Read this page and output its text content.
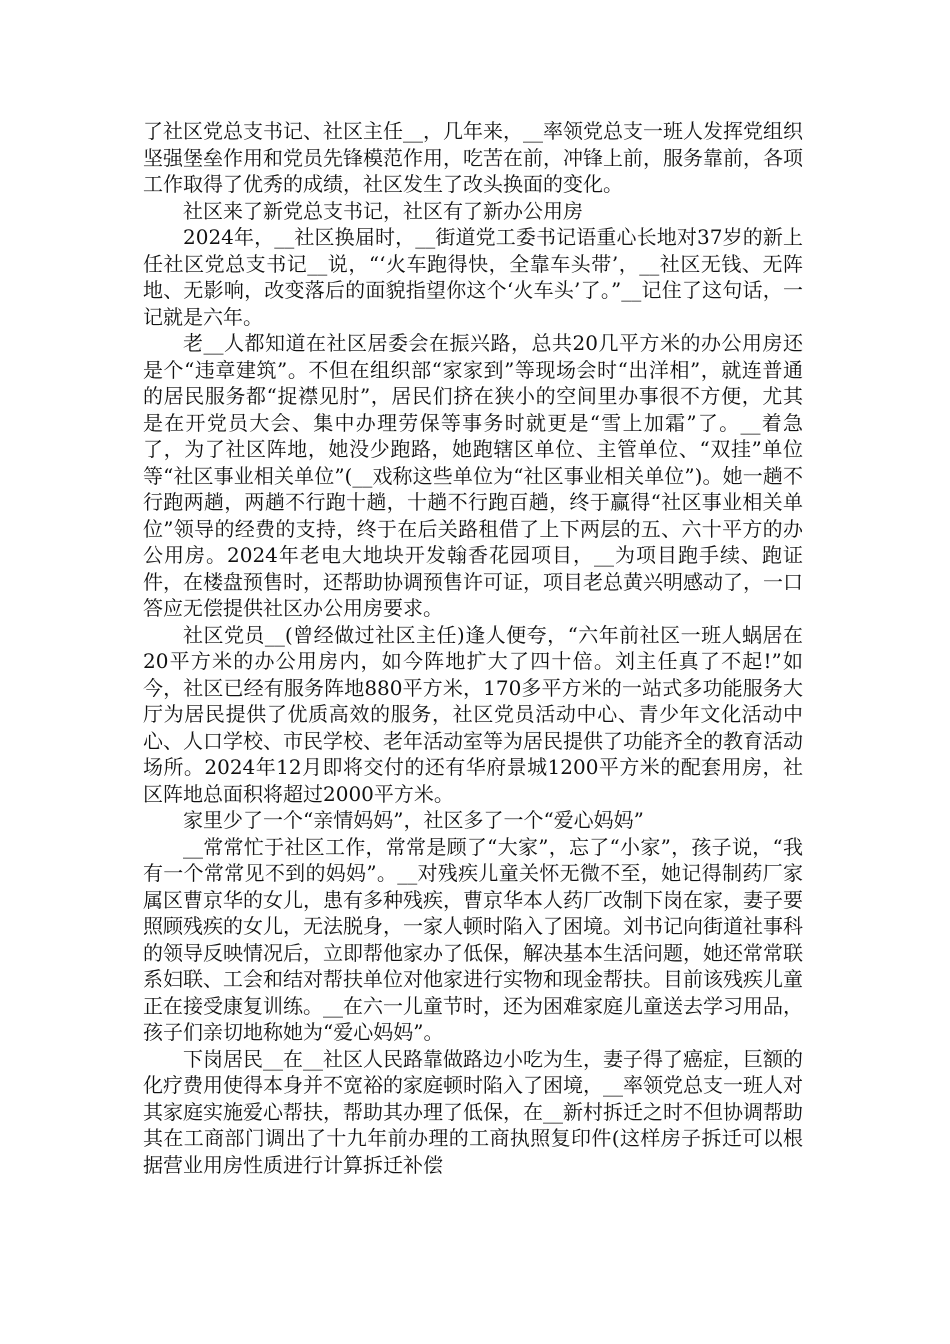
了社区党总支书记、社区主任__，几年来，__率领党总支一班人发挥党组织坚强堡垒作用和党员先锋模范作用，吃苦在前，冲锋上前，服务靠前，各项工作取得了优秀的成绩，社区发生了改头换面的变化。

社区来了新党总支书记，社区有了新办公用房

2024年，__社区换届时，__街道党工委书记语重心长地对37岁的新上任社区党总支书记__说，“‘火车跑得快，全靠车头带’，__社区无钱、无阵地、无影响，改变落后的面貌指望你这个‘火车头’了。”__记住了这句话，一记就是六年。

老__人都知道在社区居委会在振兴路，总共20几平方米的办公用房还是个“违章建筑”。不但在组织部“家家到”等现场会时“出洋相”，就连普通的居民服务都“捉襟见肘”，居民们挤在狭小的空间里办事很不方便，尤其是在开党员大会、集中办理劳保等事务时就更是“雪上加霜”了。__着急了，为了社区阵地，她没少跑路，她跑辖区单位、主管单位、“双挂”单位等“社区事业相关单位”(__戏称这些单位为“社区事业相关单位”)。她一趟不行跑两趟，两趟不行跑十趟，十趟不行跑百趟，终于赢得“社区事业相关单位”领导的经费的支持，终于在后关路租借了上下两层的五、六十平方的办公用房。2024年老电大地块开发翰香花园项目，__为项目跑手续、跑证件，在楼盘预售时，还帮助协调预售许可证，项目老总黄兴明感动了，一口答应无偿提供社区办公用房要求。

社区党员__(曾经做过社区主任)逢人便夸，“六年前社区一班人蜗居在20平方米的办公用房内，如今阵地扩大了四十倍。刘主任真了不起!”如今，社区已经有服务阵地880平方米，170多平方米的一站式多功能服务大厅为居民提供了优质高效的服务，社区党员活动中心、青少年文化活动中心、人口学校、市民学校、老年活动室等为居民提供了功能齐全的教育活动场所。2024年12月即将交付的还有华府景城1200平方米的配套用房，社区阵地总面积将超过2000平方米。

家里少了一个“亲情妈妈”，社区多了一个“爱心妈妈”

__常常忙于社区工作，常常是顾了“大家”，忘了“小家”，孩子说，“我有一个常常见不到的妈妈”。__对残疾儿童关怀无微不至，她记得制药厂家属区曹京华的女儿，患有多种残疾，曹京华本人药厂改制下岗在家，妻子要照顾残疾的女儿，无法脱身，一家人顿时陷入了困境。刘书记向街道社事科的领导反映情况后，立即帮他家办了低保，解决基本生活问题，她还常常联系妇联、工会和结对帮扶单位对他家进行实物和现金帮扶。目前该残疾儿童正在接受康复训练。__在六一儿童节时，还为困难家庭儿童送去学习用品，孩子们亲切地称她为“爱心妈妈”。

下岗居民__在__社区人民路靠做路边小吃为生，妻子得了癌症，巨额的化疗费用使得本身并不宽裕的家庭顿时陷入了困境，__率领党总支一班人对其家庭实施爱心帮扶，帮助其办理了低保，在__新村拆迁之时不但协调帮助其在工商部门调出了十九年前办理的工商执照复印件(这样房子拆迁可以根据营业用房性质进行计算拆迁补偿
